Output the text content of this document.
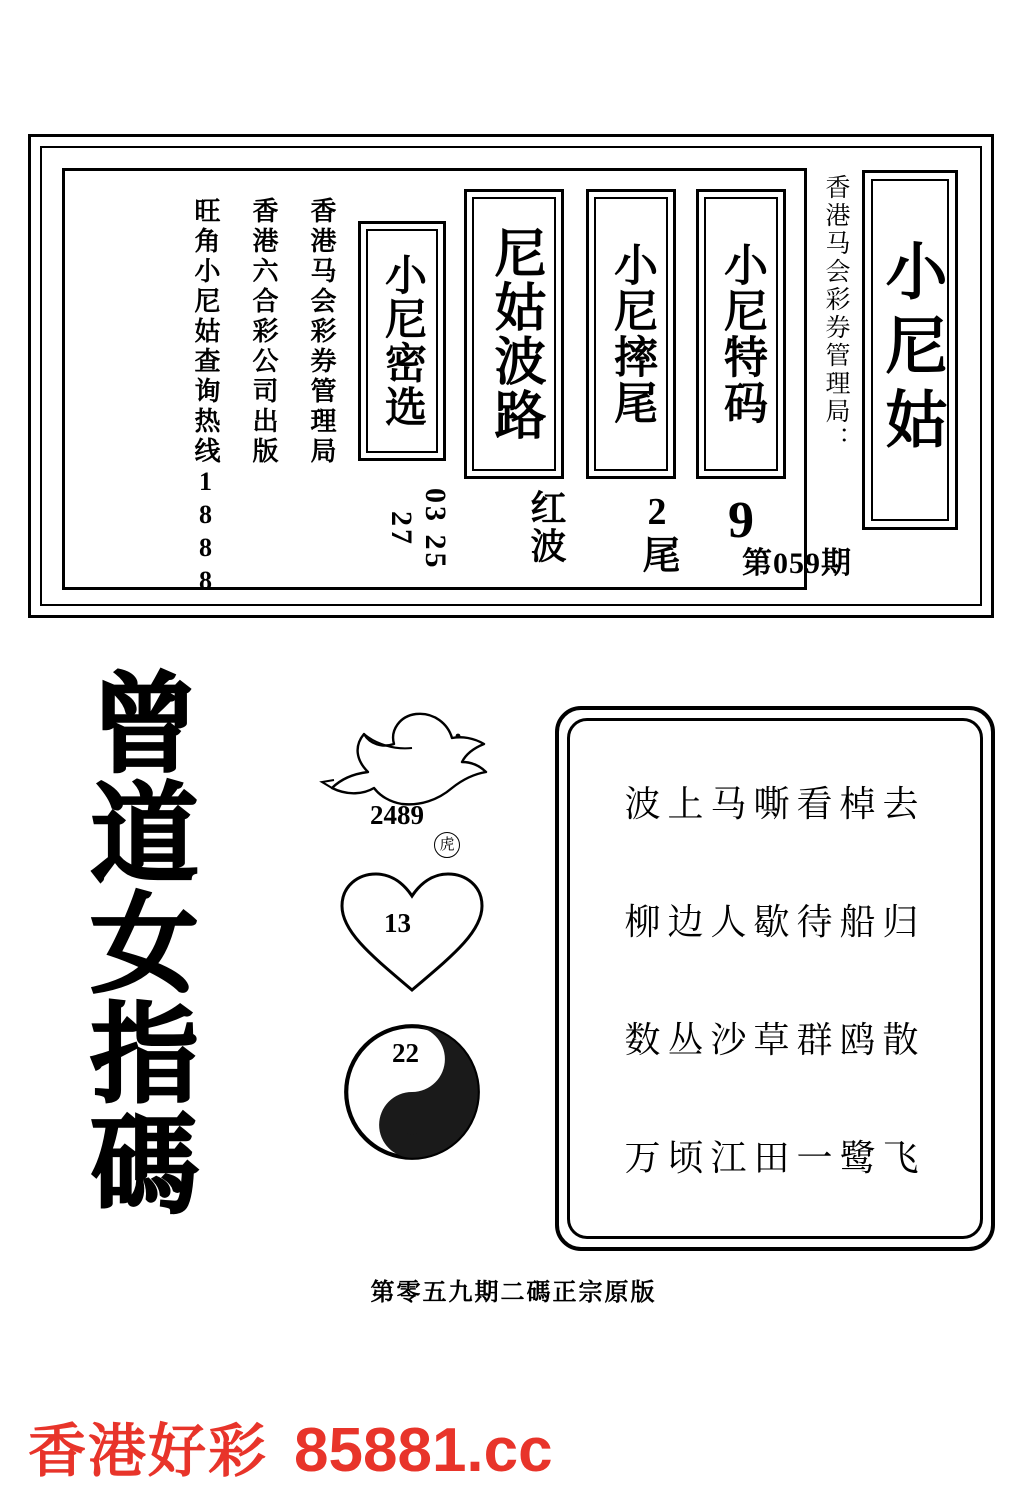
小尼姑
香港马会彩券管理局：
第059期
小尼特码
9
小尼摔尾
2尾
尼姑波路
红波
小尼密选
03 25 27
香港马会彩券管理局
香港六合彩公司出版
旺角小尼姑查询热线1888
曾
道
女
指
碼
2489
虎
13
22
波上马嘶看棹去
柳边人歇待船归
数丛沙草群鸥散
万顷江田一鹭飞
第零五九期二碼正宗原版
香港好彩 85881.cc
